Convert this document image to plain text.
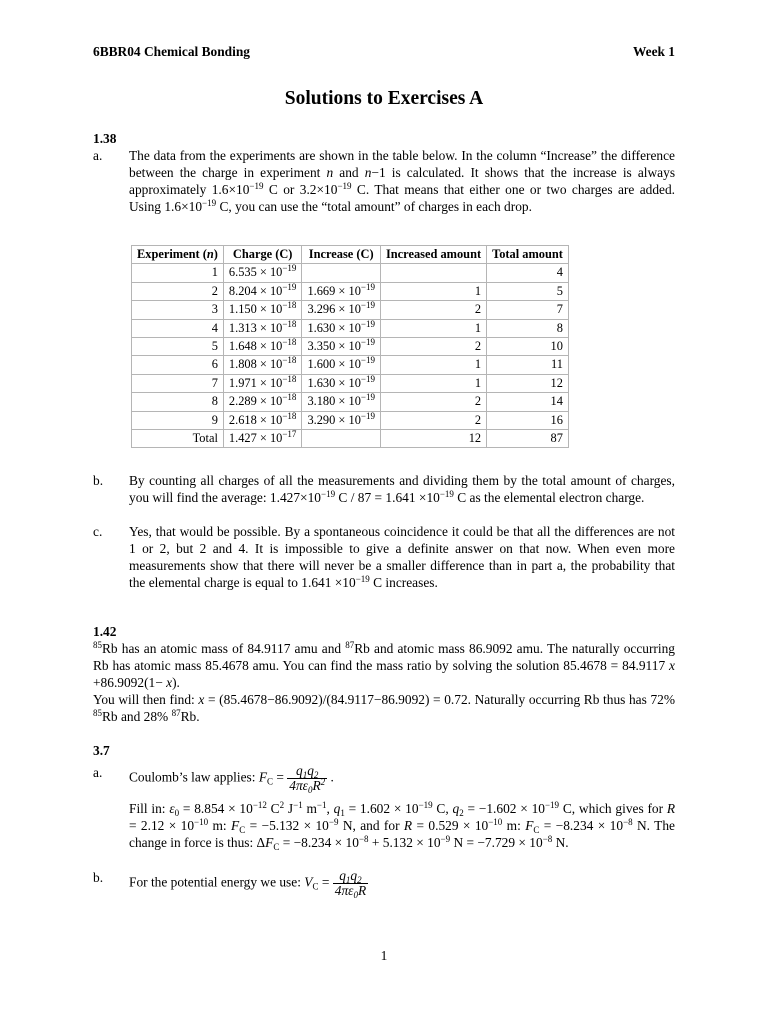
6BBR04 Chemical Bonding	Week 1
Solutions to Exercises A
1.38
a.	The data from the experiments are shown in the table below. In the column “Increase” the difference between the charge in experiment n and n−1 is calculated. It shows that the increase is always approximately $1.6\times 10^{-19}$ C or $3.2\times 10^{-19}$ C. That means that either one or two charges are added. Using $1.6\times 10^{-19}$ C, you can use the “total amount” of charges in each drop.
Experiment (n)	Charge (C)	Increase (C)	Increased amount	Total amount
1	$6.535 \times 10^{-19}$			4
2	$8.204 \times 10^{-19}$	$1.669 \times 10^{-19}$	1	5
3	$1.150 \times 10^{-18}$	$3.296 \times 10^{-19}$	2	7
4	$1.313 \times 10^{-18}$	$1.630 \times 10^{-19}$	1	8
5	$1.648 \times 10^{-18}$	$3.350 \times 10^{-19}$	2	10
6	$1.808 \times 10^{-18}$	$1.600 \times 10^{-19}$	1	11
7	$1.971 \times 10^{-18}$	$1.630 \times 10^{-19}$	1	12
8	$2.289 \times 10^{-18}$	$3.180 \times 10^{-19}$	2	14
9	$2.618 \times 10^{-18}$	$3.290 \times 10^{-19}$	2	16
Total	$1.427 \times 10^{-17}$		12	87
b.	By counting all charges of all the measurements and dividing them by the total amount of charges, you will find the average: $1.427\times 10^{-19}$ $C / 87 = 1.641 \times 10^{-19}$ C as the elemental electron charge.
c.	Yes, that would be possible. By a spontaneous coincidence it could be that all the differences are not 1 or 2, but 2 and 4. It is impossible to give a definite answer on that now. When even more measurements show that there will never be a smaller difference than in part a, the probability that the elemental charge is equal to $1.641 \times 10^{-19}$ C increases.
1.42
$^{85}$Rb has an atomic mass of 84.9117 amu and $^{87}$Rb and atomic mass 86.9092 amu. The naturally occurring Rb has atomic mass 85.4678 amu. You can find the mass ratio by solving the solution 85.4678 = 84.9117 x +86.9092(1− x).
You will then find: x = (85.4678−86.9092)/(84.9117−86.9092) = 0.72. Naturally occurring Rb thus has 72% $^{85}$Rb and 28% $^{87}$Rb.
3.7
a.	Coulomb’s law applies: $F_C = \frac{q_1q_2}{4\pi\varepsilon_0R^2}$ .
Fill in: $\varepsilon_0 = 8.854 \times 10^{-12}$ $C^2$ $J^{-1}$ $m^{-1}$, $q_1 = 1.602 \times 10^{-19}$ C, $q_2 = -1.602 \times 10^{-19}$ C, which gives for $R = 2.12 \times 10^{-10}$ m: $F_C = -5.132 \times 10^{-9}$ N, and for $R = 0.529 \times 10^{-10}$ m: $F_C = -8.234 \times 10^{-8}$ N. The change in force is thus: $\Delta F_C = -8.234 \times 10^{-8} + 5.132 \times 10^{-9}$ $N = -7.729 \times 10^{-8}$ N.
b.	For the potential energy we use: $V_C = \frac{q_1q_2}{4\pi\varepsilon_0R}$
1
